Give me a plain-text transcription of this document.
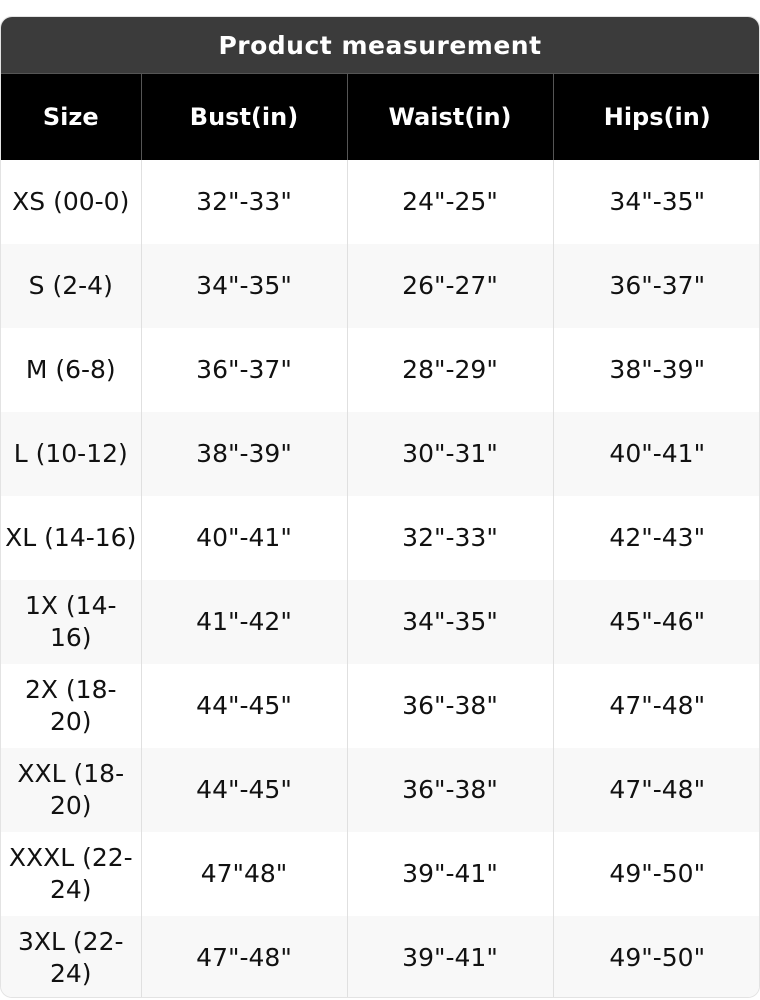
Product measurement
Size	Bust(in)	Waist(in)	Hips(in)
XS (00-0)	32"-33"	24"-25"	34"-35"
S (2-4)	34"-35"	26"-27"	36"-37"
M (6-8)	36"-37"	28"-29"	38"-39"
L (10-12)	38"-39"	30"-31"	40"-41"
XL (14-16)	40"-41"	32"-33"	42"-43"
1X (14-16)	41"-42"	34"-35"	45"-46"
2X (18-20)	44"-45"	36"-38"	47"-48"
XXL (18-20)	44"-45"	36"-38"	47"-48"
XXXL (22-24)	47"48"	39"-41"	49"-50"
3XL (22-24)	47"-48"	39"-41"	49"-50"
